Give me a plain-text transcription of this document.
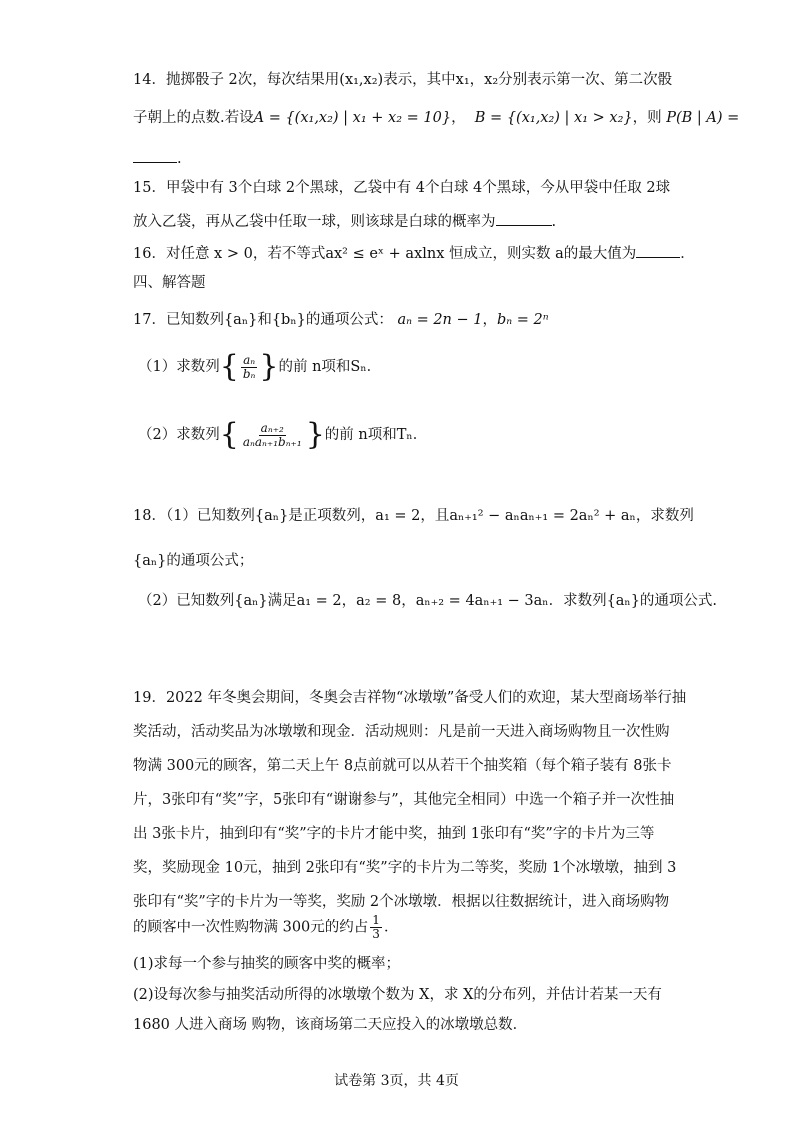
14．抛掷骰子 2次，每次结果用(x₁,x₂)表示，其中x₁，x₂分别表示第一次、第二次骰
子朝上的点数.若设A = {(x₁,x₂) | x₁ + x₂ = 10}， B = {(x₁,x₂) | x₁ > x₂}，则 P(B | A) =
.
15．甲袋中有 3个白球 2个黑球，乙袋中有 4个白球 4个黑球，今从甲袋中任取 2球
放入乙袋，再从乙袋中任取一球，则该球是白球的概率为	.
16．对任意 x > 0，若不等式ax² ≤ eˣ + axlnx 恒成立，则实数 a的最大值为	．
四、解答题
17．已知数列{aₙ}和{bₙ}的通项公式： aₙ = 2n − 1，bₙ = 2ⁿ
（1）求数列{ $\frac{\text{aₙ}}{\text{bₙ}}$ }的前 n项和Sₙ．
（2）求数列{ $\frac{\text{aₙ₊₂}}{\text{aₙaₙ₊₁bₙ₊₁}}$ }的前 n项和Tₙ．
18．（1）已知数列{aₙ}是正项数列，a₁ = 2，且aₙ₊₁² − aₙaₙ₊₁ = 2aₙ² + aₙ，求数列
{aₙ}的通项公式；
（2）已知数列{aₙ}满足a₁ = 2，a₂ = 8，aₙ₊₂ = 4aₙ₊₁ − 3aₙ．求数列{aₙ}的通项公式.
19．2022 年冬奥会期间，冬奥会吉祥物“冰墩墩”备受人们的欢迎，某大型商场举行抽
奖活动，活动奖品为冰墩墩和现金．活动规则：凡是前一天进入商场购物且一次性购
物满 300元的顾客，第二天上午 8点前就可以从若干个抽奖箱（每个箱子装有 8张卡
片，3张印有“奖”字，5张印有“谢谢参与”，其他完全相同）中选一个箱子并一次性抽
出 3张卡片，抽到印有“奖”字的卡片才能中奖，抽到 1张印有“奖”字的卡片为三等
奖，奖励现金 10元，抽到 2张印有“奖”字的卡片为二等奖，奖励 1个冰墩墩，抽到 3
张印有“奖”字的卡片为一等奖，奖励 2个冰墩墩．根据以往数据统计，进入商场购物
的顾客中一次性购物满 300元的约占 $\frac{1}{3}$ ．
(1)求每一个参与抽奖的顾客中奖的概率；
(2)设每次参与抽奖活动所得的冰墩墩个数为 X，求 X的分布列，并估计若某一天有
1680 人进入商场 购物，该商场第二天应投入的冰墩墩总数．
试卷第 3页，共 4页
